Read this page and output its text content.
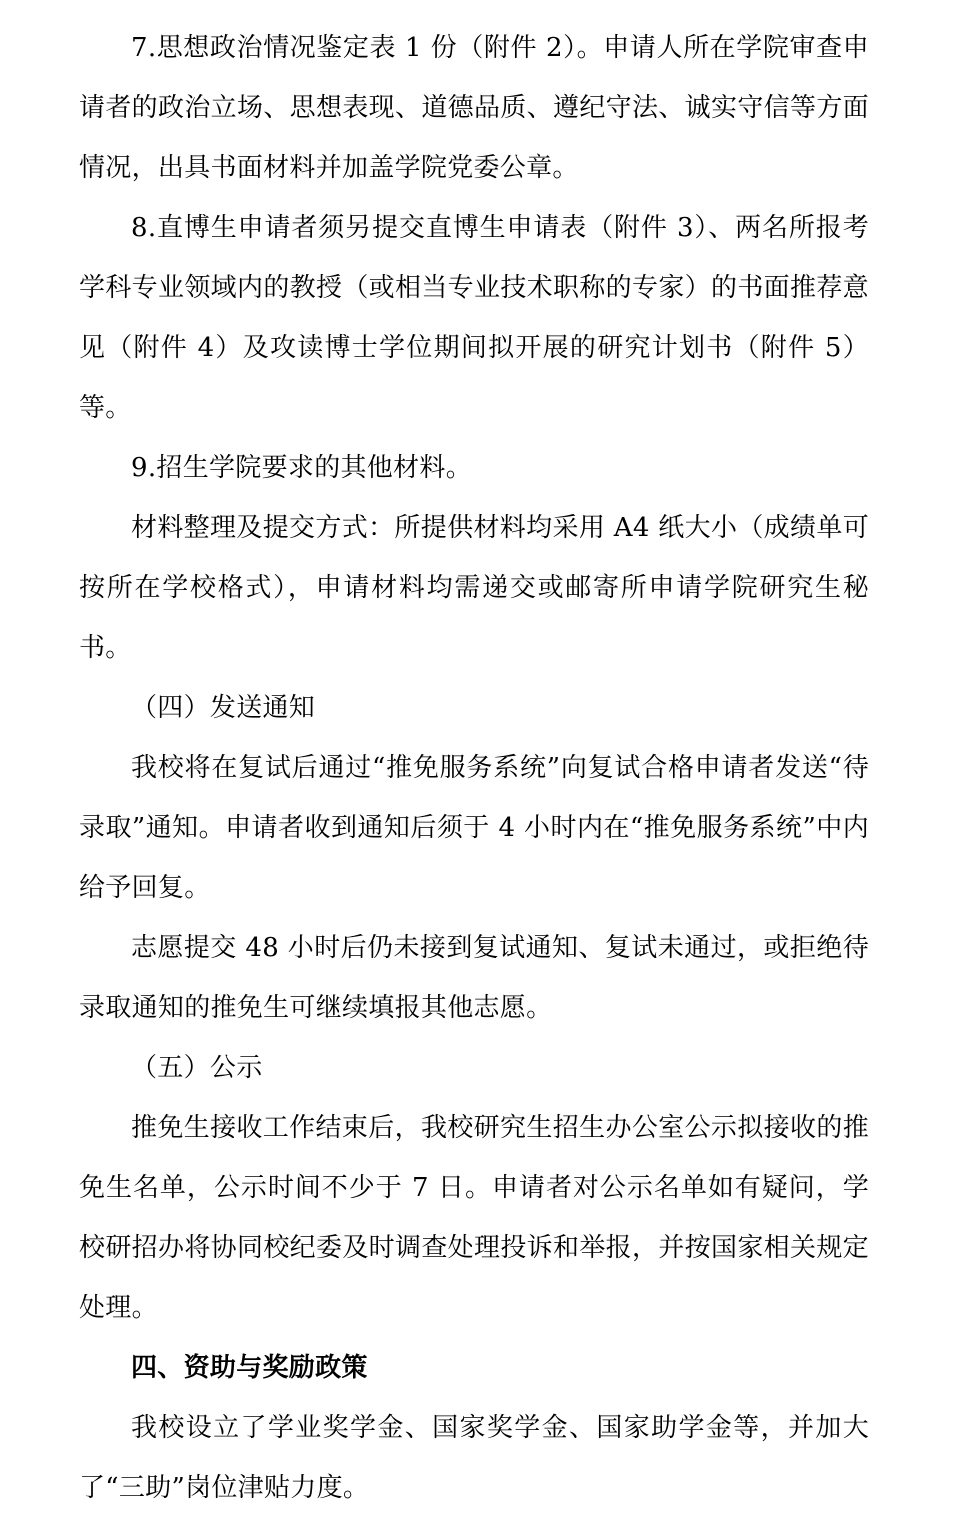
7.思想政治情况鉴定表 1 份（附件 2）。申请人所在学院审查申请者的政治立场、思想表现、道德品质、遵纪守法、诚实守信等方面情况，出具书面材料并加盖学院党委公章。

8.直博生申请者须另提交直博生申请表（附件 3）、两名所报考学科专业领域内的教授（或相当专业技术职称的专家）的书面推荐意见（附件 4）及攻读博士学位期间拟开展的研究计划书（附件 5）等。

9.招生学院要求的其他材料。

材料整理及提交方式：所提供材料均采用 A4 纸大小（成绩单可按所在学校格式），申请材料均需递交或邮寄所申请学院研究生秘书。

（四）发送通知

我校将在复试后通过“推免服务系统”向复试合格申请者发送“待录取”通知。申请者收到通知后须于 4 小时内在“推免服务系统”中内给予回复。

志愿提交 48 小时后仍未接到复试通知、复试未通过，或拒绝待录取通知的推免生可继续填报其他志愿。

（五）公示

推免生接收工作结束后，我校研究生招生办公室公示拟接收的推免生名单，公示时间不少于 7 日。申请者对公示名单如有疑问，学校研招办将协同校纪委及时调查处理投诉和举报，并按国家相关规定处理。

四、资助与奖励政策

我校设立了学业奖学金、国家奖学金、国家助学金等，并加大了“三助”岗位津贴力度。
